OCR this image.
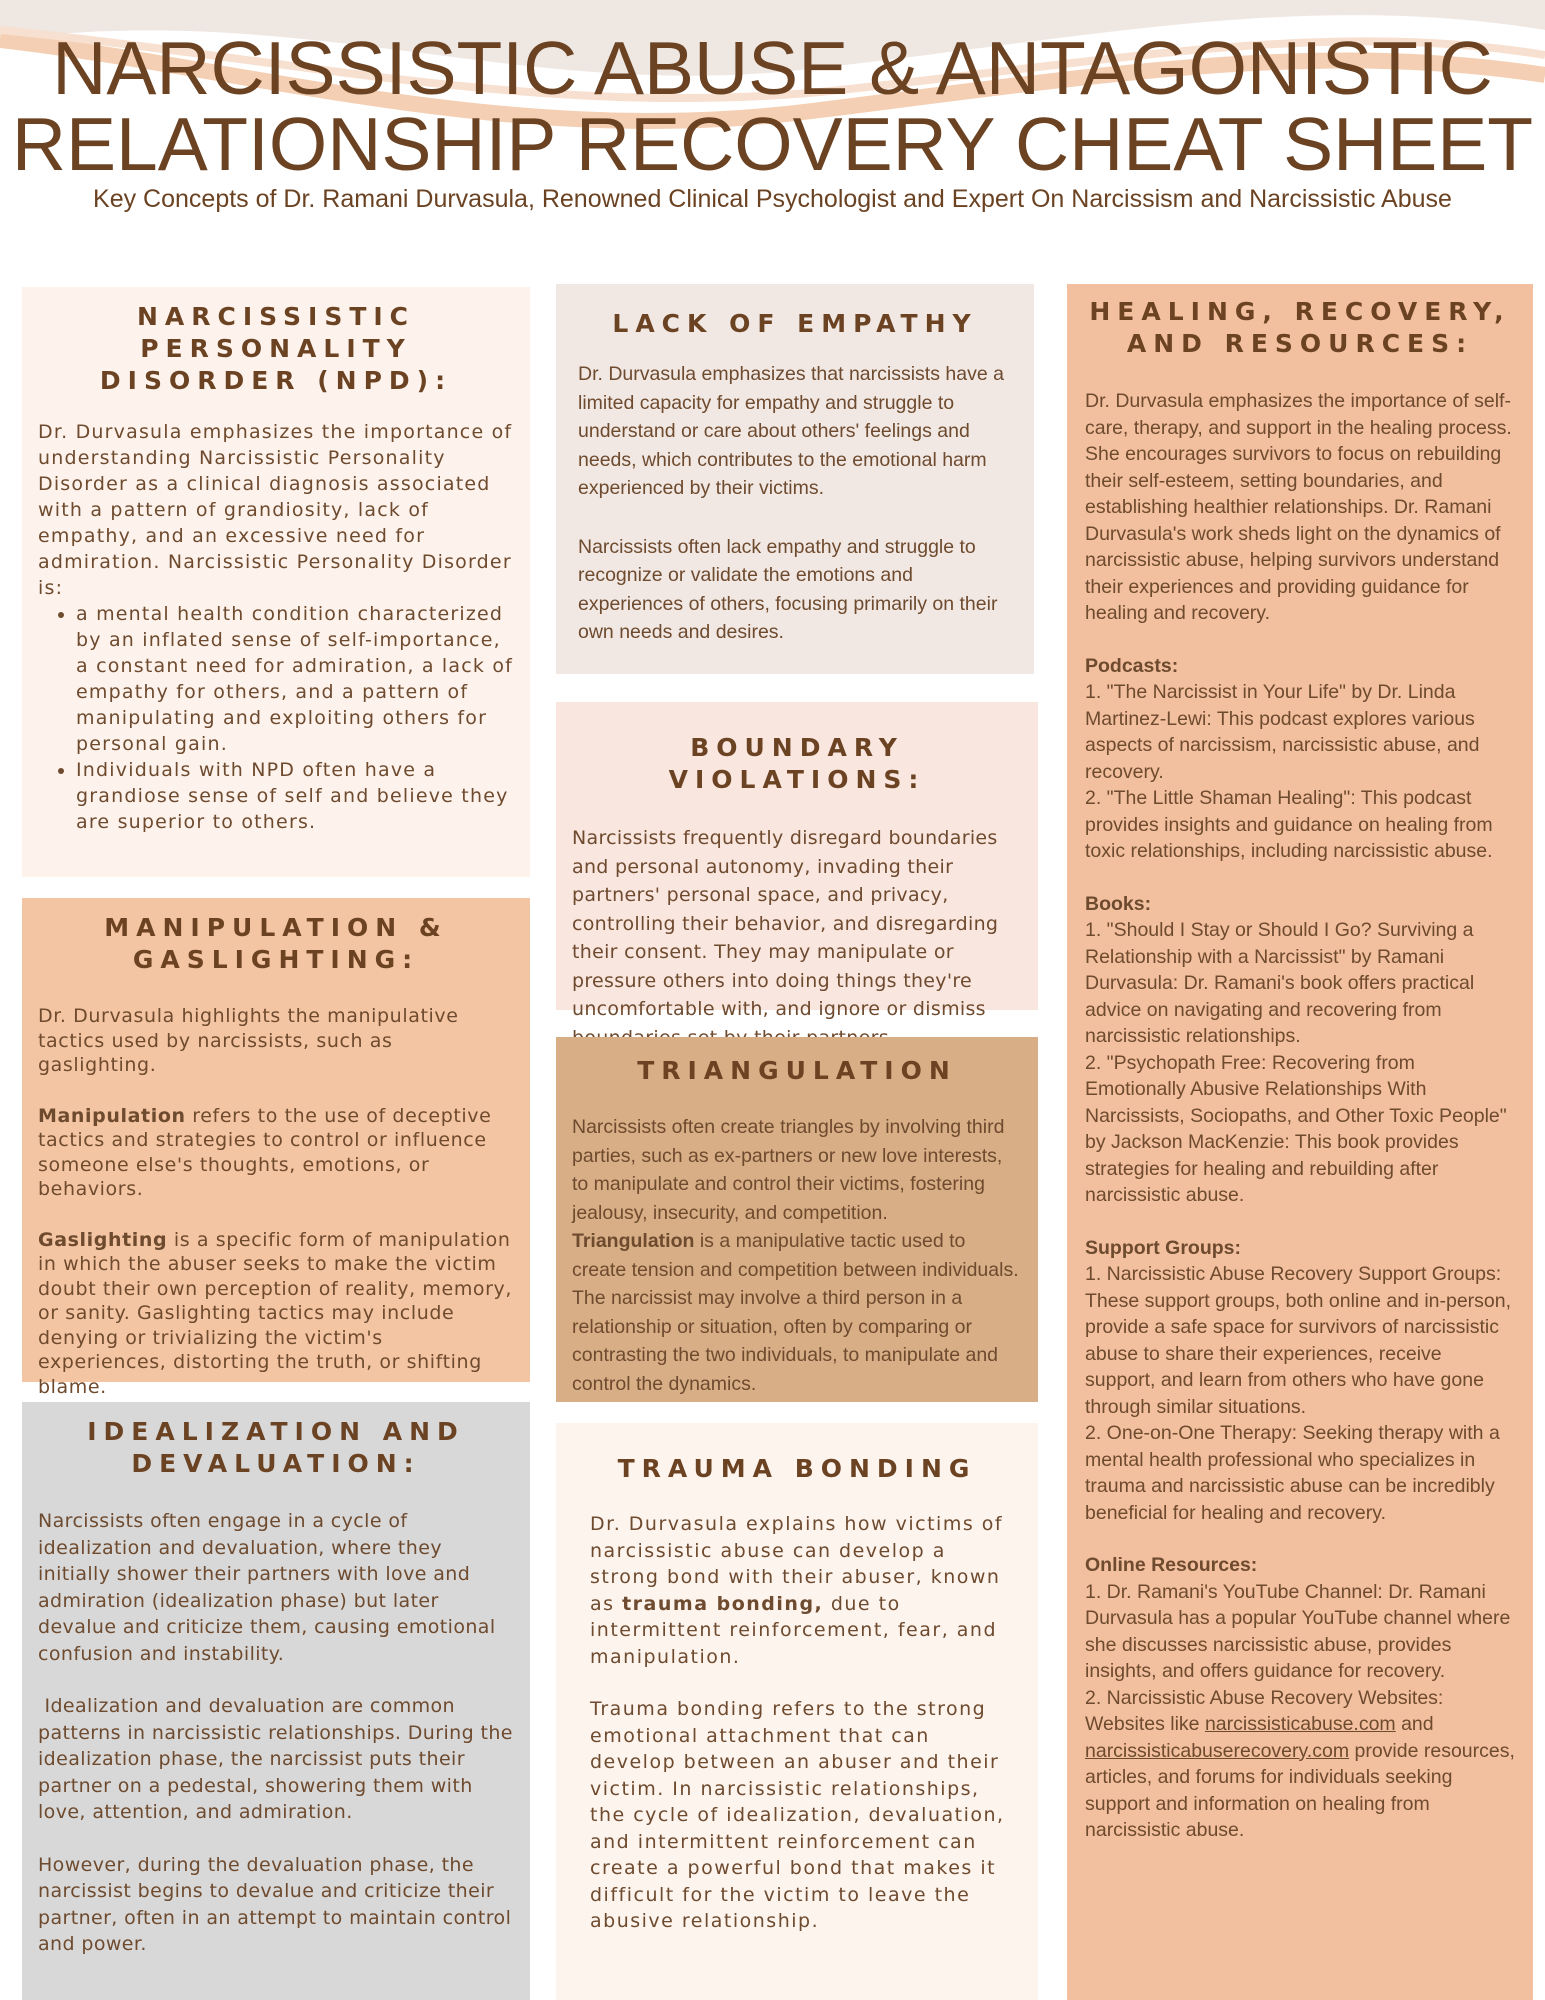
NARCISSISTIC ABUSE & ANTAGONISTIC
RELATIONSHIP RECOVERY CHEAT SHEET
Key Concepts of Dr. Ramani Durvasula, Renowned Clinical Psychologist and Expert On Narcissism and Narcissistic Abuse
NARCISSISTIC PERSONALITY DISORDER (NPD):

Dr. Durvasula emphasizes the importance of understanding Narcissistic Personality Disorder as a clinical diagnosis associated with a pattern of grandiosity, lack of empathy, and an excessive need for admiration. Narcissistic Personality Disorder is:

• a mental health condition characterized by an inflated sense of self-importance, a constant need for admiration, a lack of empathy for others, and a pattern of manipulating and exploiting others for personal gain.
• Individuals with NPD often have a grandiose sense of self and believe they are superior to others.
MANIPULATION & GASLIGHTING:

Dr. Durvasula highlights the manipulative tactics used by narcissists, such as gaslighting.

Manipulation refers to the use of deceptive tactics and strategies to control or influence someone else's thoughts, emotions, or behaviors.

Gaslighting is a specific form of manipulation in which the abuser seeks to make the victim doubt their own perception of reality, memory, or sanity. Gaslighting tactics may include denying or trivializing the victim's experiences, distorting the truth, or shifting blame.

IDEALIZATION AND DEVALUATION:

Narcissists often engage in a cycle of idealization and devaluation, where they initially shower their partners with love and admiration (idealization phase) but later devalue and criticize them, causing emotional confusion and instability.

Idealization and devaluation are common patterns in narcissistic relationships. During the idealization phase, the narcissist puts their partner on a pedestal, showering them with love, attention, and admiration.

However, during the devaluation phase, the narcissist begins to devalue and criticize their partner, often in an attempt to maintain control and power.

LACK OF EMPATHY

Dr. Durvasula emphasizes that narcissists have a limited capacity for empathy and struggle to understand or care about others' feelings and needs, which contributes to the emotional harm experienced by their victims.

Narcissists often lack empathy and struggle to recognize or validate the emotions and experiences of others, focusing primarily on their own needs and desires.

BOUNDARY VIOLATIONS:

Narcissists frequently disregard boundaries and personal autonomy, invading their partners' personal space, and privacy, controlling their behavior, and disregarding their consent. They may manipulate or pressure others into doing things they're uncomfortable with, and ignore or dismiss

TRIANGULATION

Narcissists often create triangles by involving third parties, such as ex-partners or new love interests, to manipulate and control their victims, fostering jealousy, insecurity, and competition.

Triangulation is a manipulative tactic used to create tension and competition between individuals. The narcissist may involve a third person in a relationship or situation, often by comparing or contrasting the two individuals, to manipulate and control the dynamics.

TRAUMA BONDING

Dr. Durvasula explains how victims of narcissistic abuse can develop a strong bond with their abuser, known as trauma bonding, due to intermittent reinforcement, fear, and manipulation.

Trauma bonding refers to the strong emotional attachment that can develop between an abuser and their victim. In narcissistic relationships, the cycle of idealization, devaluation, and intermittent reinforcement can create a powerful bond that makes it difficult for the victim to leave the abusive relationship.

HEALING, RECOVERY, AND RESOURCES:

Dr. Durvasula emphasizes the importance of self-care, therapy, and support in the healing process. She encourages survivors to focus on rebuilding their self-esteem, setting boundaries, and establishing healthier relationships. Dr. Ramani Durvasula's work sheds light on the dynamics of narcissistic abuse, helping survivors understand their experiences and providing guidance for healing and recovery.

Podcasts:
1. "The Narcissist in Your Life" by Dr. Linda Martinez-Lewi: This podcast explores various aspects of narcissism, narcissistic abuse, and recovery.
2. "The Little Shaman Healing": This podcast provides insights and guidance on healing from toxic relationships, including narcissistic abuse.

Books:
1. "Should I Stay or Should I Go? Surviving a Relationship with a Narcissist" by Ramani Durvasula: Dr. Ramani's book offers practical advice on navigating and recovering from narcissistic relationships.
2. "Psychopath Free: Recovering from Emotionally Abusive Relationships With Narcissists, Sociopaths, and Other Toxic People" by Jackson MacKenzie: This book provides strategies for healing and rebuilding after narcissistic abuse.

Support Groups:
1. Narcissistic Abuse Recovery Support Groups: These support groups, both online and in-person, provide a safe space for survivors of narcissistic abuse to share their experiences, receive support, and learn from others who have gone through similar situations.
2. One-on-One Therapy: Seeking therapy with a mental health professional who specializes in trauma and narcissistic abuse can be incredibly beneficial for healing and recovery.

Online Resources:
1. Dr. Ramani's YouTube Channel: Dr. Ramani Durvasula has a popular YouTube channel where she discusses narcissistic abuse, provides insights, and offers guidance for recovery.
2. Narcissistic Abuse Recovery Websites: Websites like narcissisticabuse.com and narcissisticabuserecovery.com provide resources, articles, and forums for individuals seeking support and information on healing from narcissistic abuse.
